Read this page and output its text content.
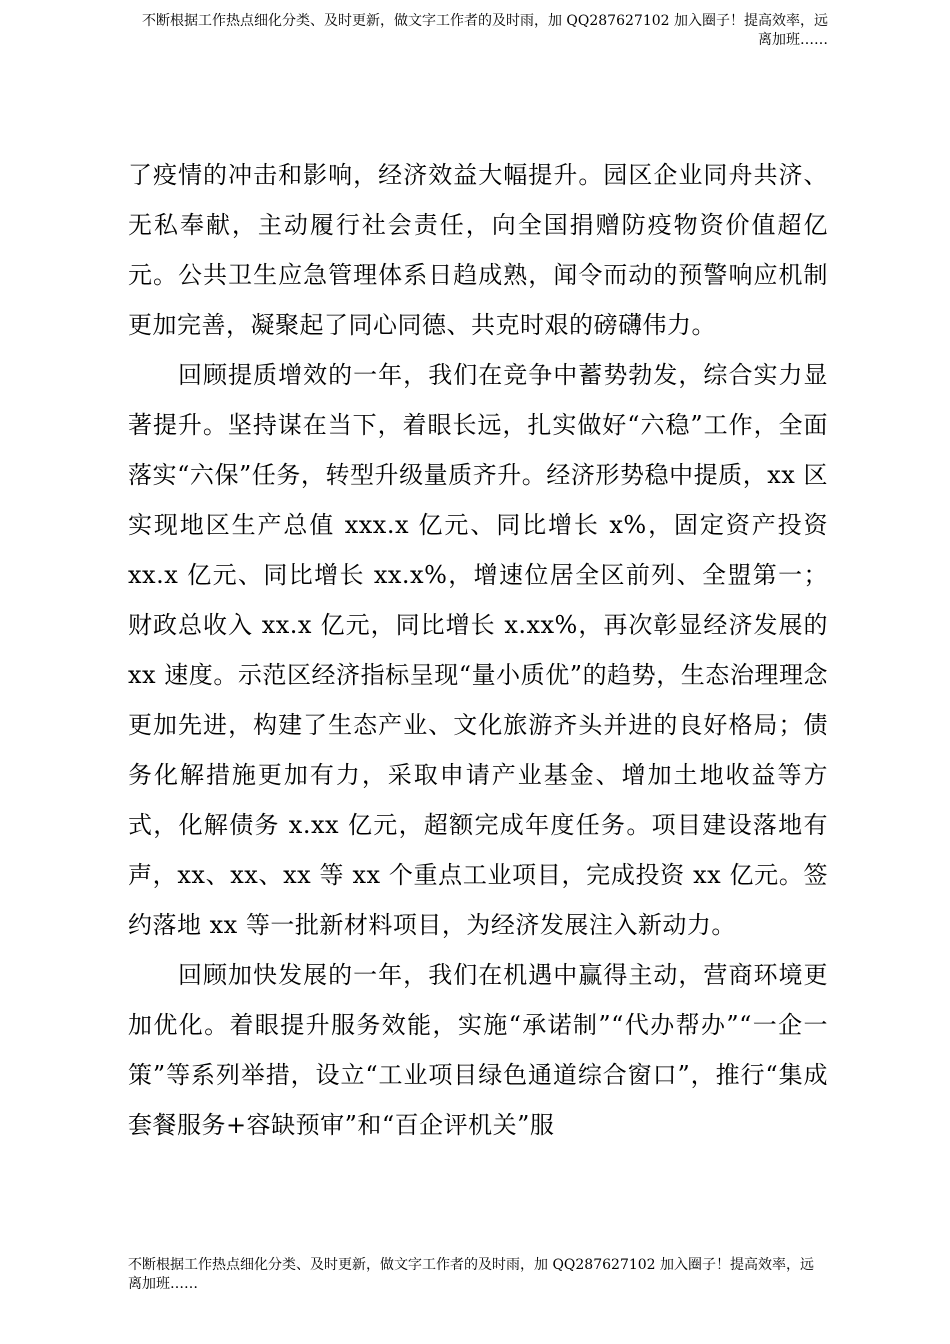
不断根据工作热点细化分类、及时更新，做文字工作者的及时雨，加 QQ287627102 加入圈子！提高效率，远离加班……

了疫情的冲击和影响，经济效益大幅提升。园区企业同舟共济、无私奉献，主动履行社会责任，向全国捐赠防疫物资价值超亿元。公共卫生应急管理体系日趋成熟，闻令而动的预警响应机制更加完善，凝聚起了同心同德、共克时艰的磅礴伟力。

回顾提质增效的一年，我们在竞争中蓄势勃发，综合实力显著提升。坚持谋在当下，着眼长远，扎实做好“六稳”工作，全面落实“六保”任务，转型升级量质齐升。经济形势稳中提质，xx 区实现地区生产总值 xxx.x 亿元、同比增长 x%，固定资产投资 xx.x 亿元、同比增长 xx.x%，增速位居全区前列、全盟第一；财政总收入 xx.x 亿元，同比增长 x.xx%，再次彰显经济发展的 xx 速度。示范区经济指标呈现“量小质优”的趋势，生态治理理念更加先进，构建了生态产业、文化旅游齐头并进的良好格局；债务化解措施更加有力，采取申请产业基金、增加土地收益等方式，化解债务 x.xx 亿元，超额完成年度任务。项目建设落地有声，xx、xx、xx 等 xx 个重点工业项目，完成投资 xx 亿元。签约落地 xx 等一批新材料项目，为经济发展注入新动力。

回顾加快发展的一年，我们在机遇中赢得主动，营商环境更加优化。着眼提升服务效能，实施“承诺制”“代办帮办”“一企一策”等系列举措，设立“工业项目绿色通道综合窗口”，推行“集成套餐服务+容缺预审”和“百企评机关”服

不断根据工作热点细化分类、及时更新，做文字工作者的及时雨，加 QQ287627102 加入圈子！提高效率，远离加班……
